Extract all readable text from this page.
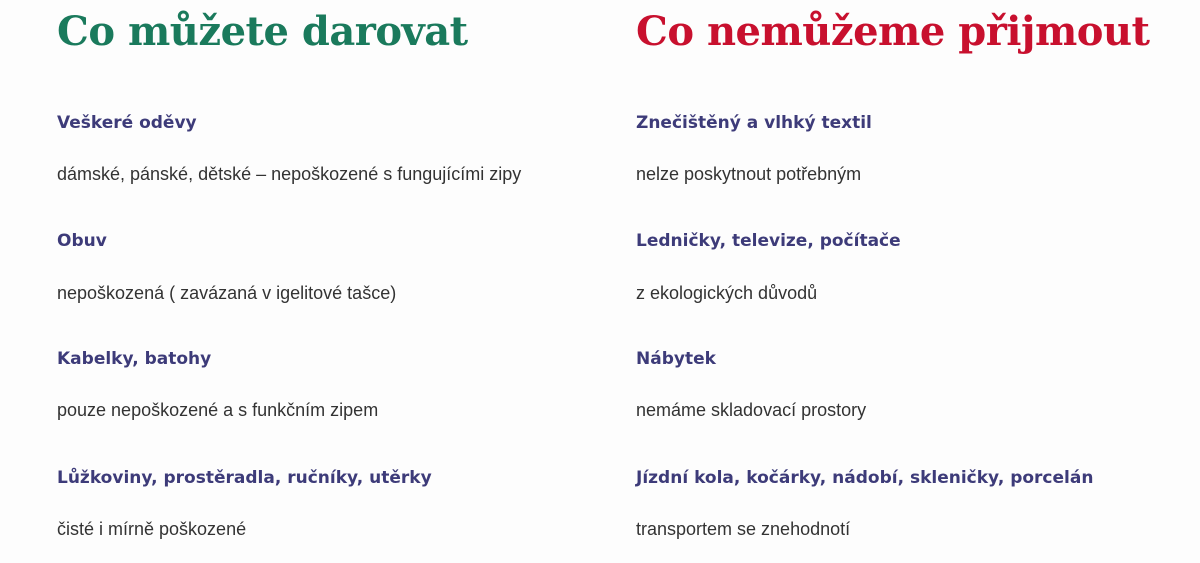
Co můžete darovat

Veškeré oděvy

dámské, pánské, dětské – nepoškozené s fungujícími zipy

Obuv

nepoškozená ( zavázaná v igelitové tašce)

Kabelky, batohy

pouze nepoškozené a s funkčním zipem

Lůžkoviny, prostěradla, ručníky, utěrky

čisté i mírně poškozené

Co nemůžeme přijmout

Znečištěný a vlhký textil

nelze poskytnout potřebným

Ledničky, televize, počítače

z ekologických důvodů

Nábytek

nemáme skladovací prostory

Jízdní kola, kočárky, nádobí, skleničky, porcelán

transportem se znehodnotí
